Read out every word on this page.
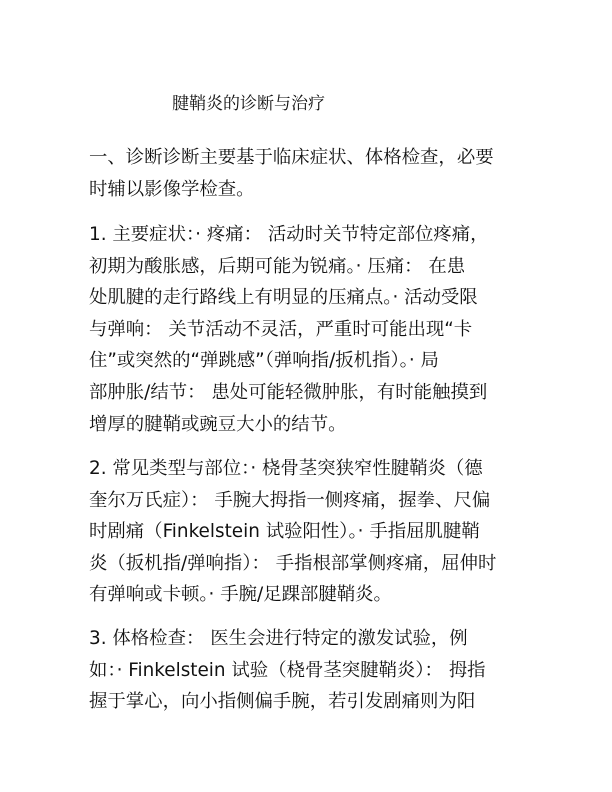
腱鞘炎的诊断与治疗
一、诊断诊断主要基于临床症状、体格检查，必要
时辅以影像学检查。
1. 主要症状：· 疼痛： 活动时关节特定部位疼痛，
初期为酸胀感，后期可能为锐痛。· 压痛： 在患
处肌腱的走行路线上有明显的压痛点。· 活动受限
与弹响： 关节活动不灵活，严重时可能出现“卡
住”或突然的“弹跳感”（弹响指/扳机指）。· 局
部肿胀/结节： 患处可能轻微肿胀，有时能触摸到
增厚的腱鞘或豌豆大小的结节。
2. 常见类型与部位：· 桡骨茎突狭窄性腱鞘炎（德
奎尔万氏症）： 手腕大拇指一侧疼痛，握拳、尺偏
时剧痛（Finkelstein 试验阳性）。· 手指屈肌腱鞘
炎（扳机指/弹响指）： 手指根部掌侧疼痛，屈伸时
有弹响或卡顿。· 手腕/足踝部腱鞘炎。
3. 体格检查： 医生会进行特定的激发试验，例
如：· Finkelstein 试验（桡骨茎突腱鞘炎）： 拇指
握于掌心，向小指侧偏手腕，若引发剧痛则为阳
